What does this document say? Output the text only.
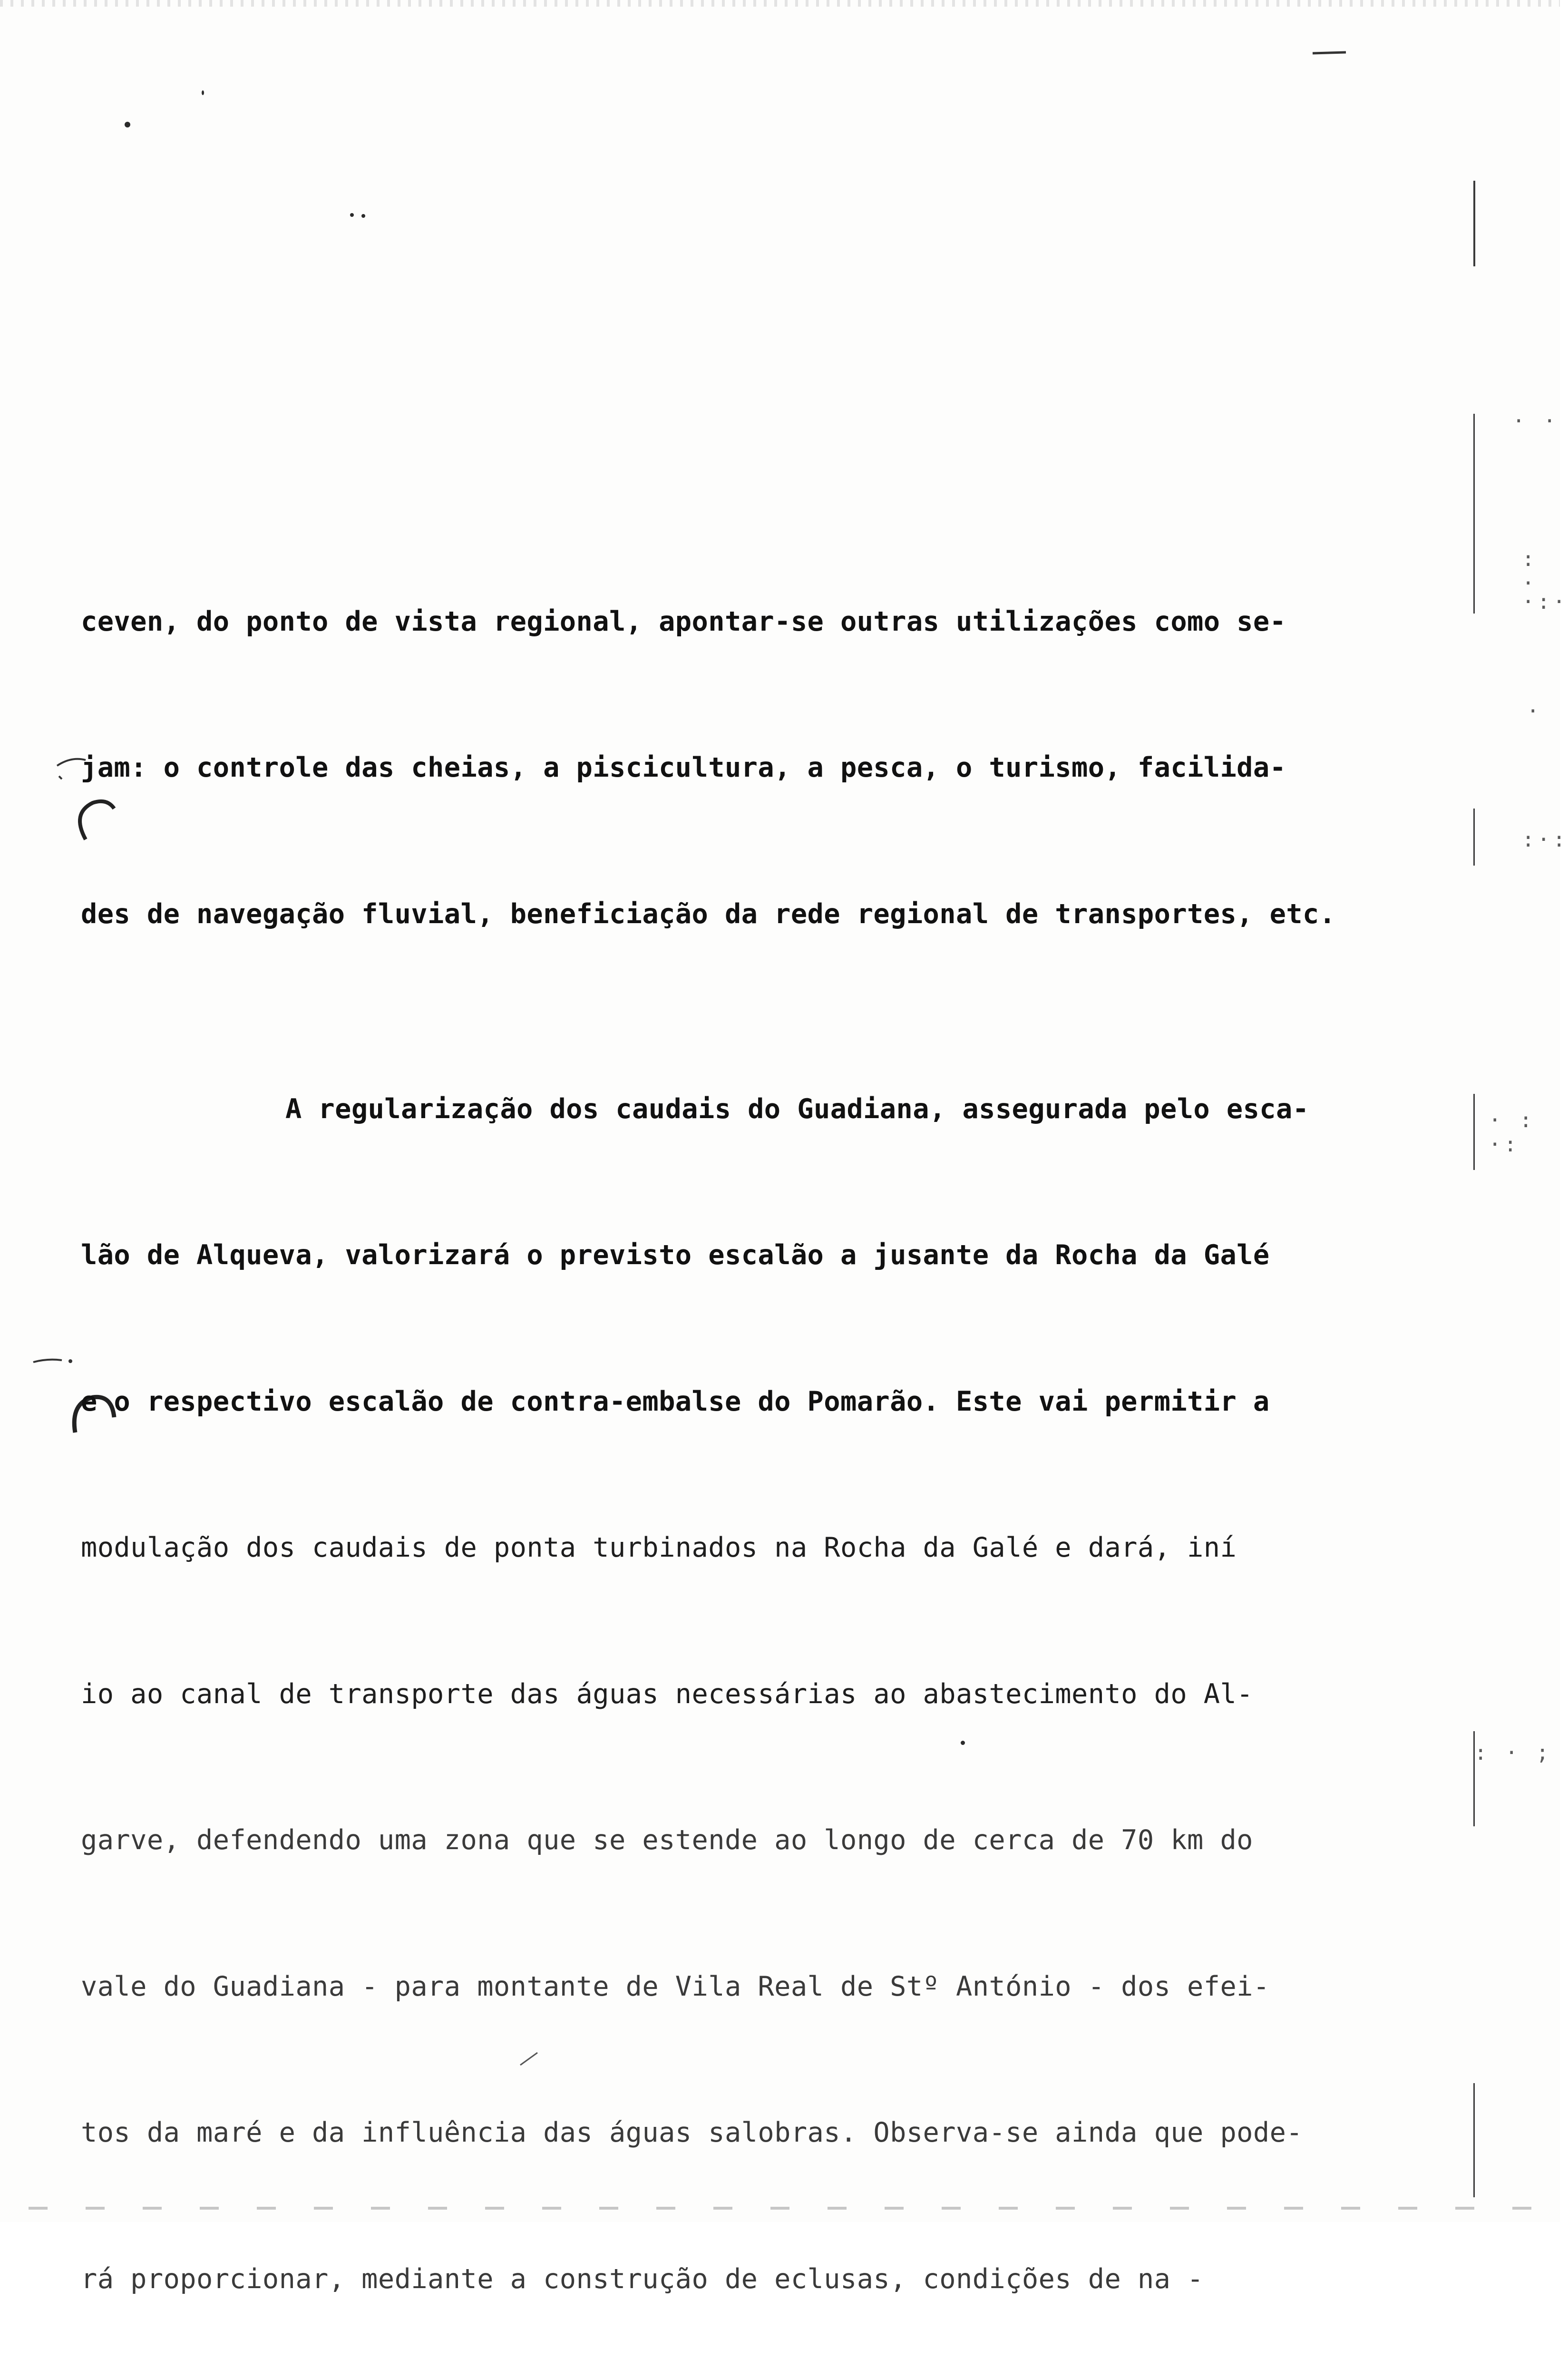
· ·
: ·
·:·
·
:·:
· : ·:
: · ;

ceven, do ponto de vista regional, apontar-se outras utilizações como se-

jam: o controle das cheias, a piscicultura, a pesca, o turismo, facilida-

des de navegação fluvial, beneficiação da rede regional de transportes, etc.

A regularização dos caudais do Guadiana, assegurada pelo esca-

lão de Alqueva, valorizará o previsto escalão a jusante da Rocha da Galé

e o respectivo escalão de contra-embalse do Pomarão. Este vai permitir a

modulação dos caudais de ponta turbinados na Rocha da Galé e dará, iní

io ao canal de transporte das águas necessárias ao abastecimento do Al-

garve, defendendo uma zona que se estende ao longo de cerca de 70 km do

vale do Guadiana - para montante de Vila Real de Stº António - dos efei-

tos da maré e da influência das águas salobras. Observa-se ainda que pode-

rá proporcionar, mediante a construção de eclusas, condições de na -
